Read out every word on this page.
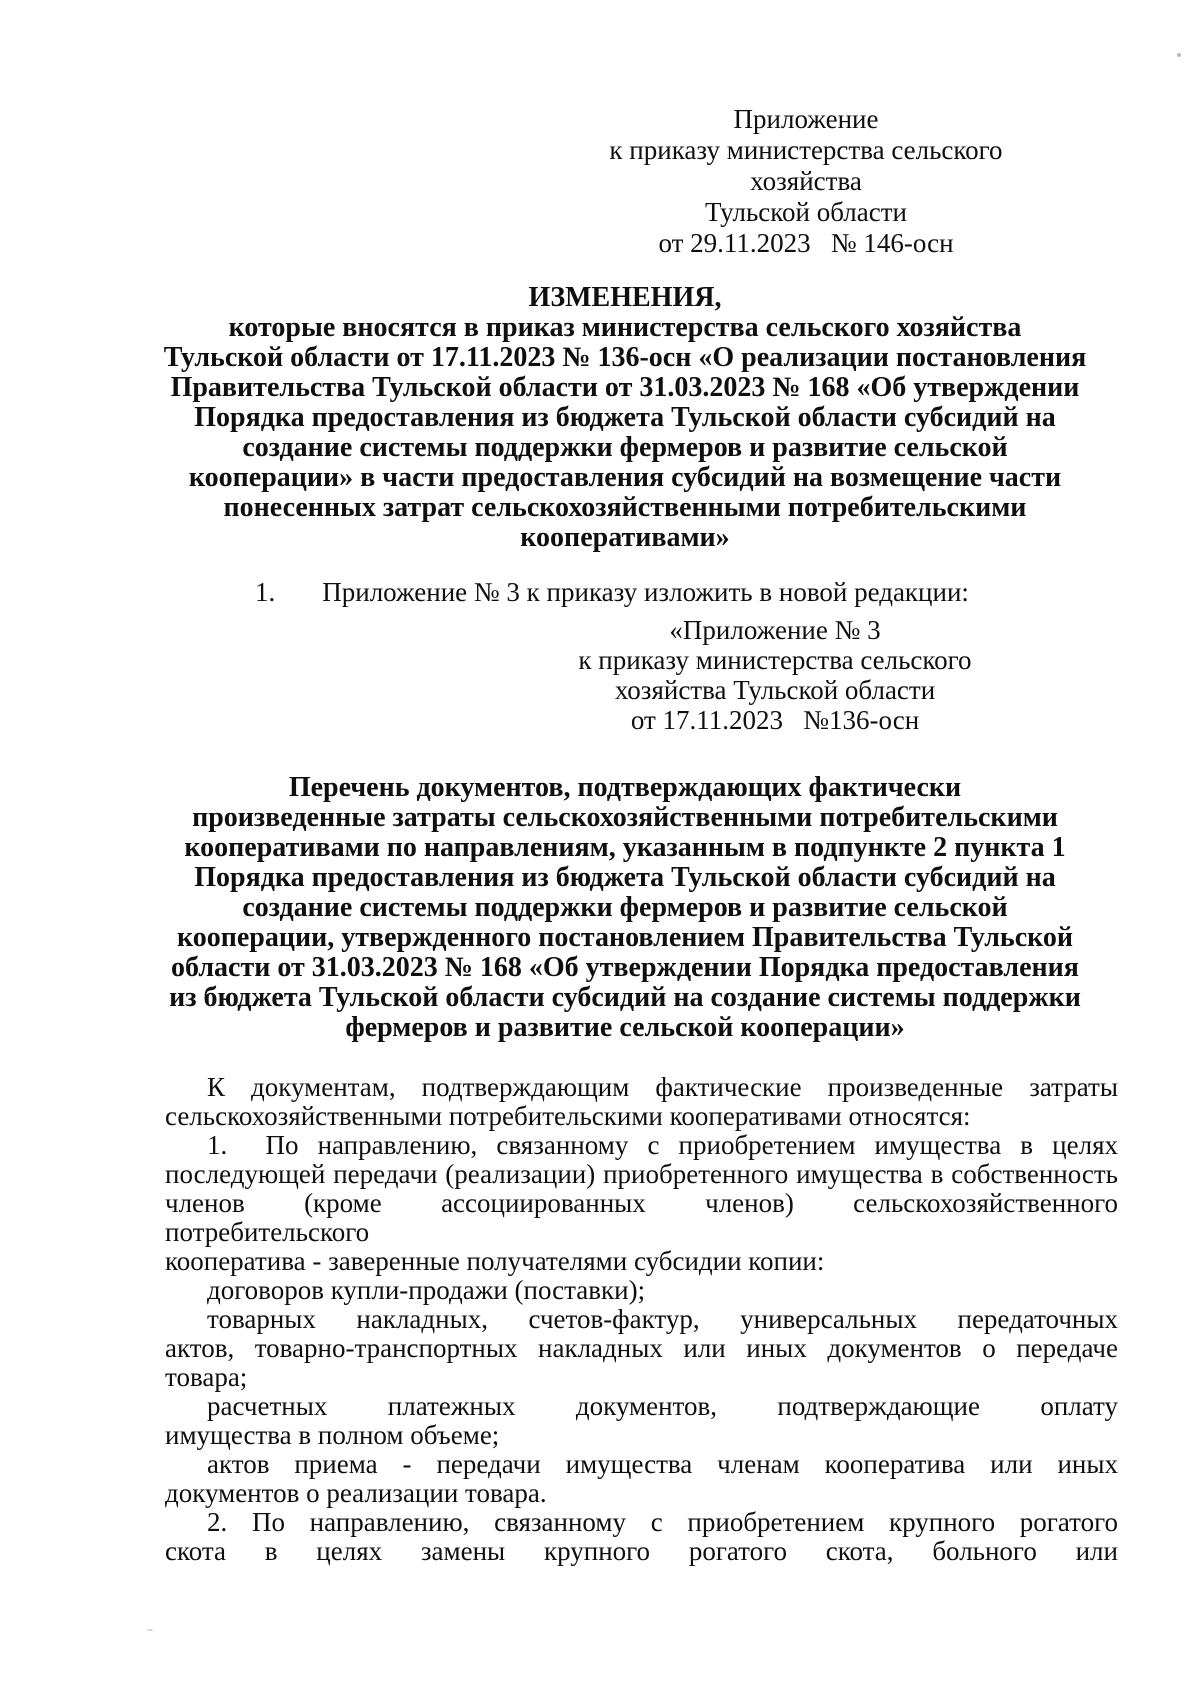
Приложение
к приказу министерства сельского хозяйства
Тульской области
от 29.11.2023   № 146-осн
ИЗМЕНЕНИЯ,
которые вносятся в приказ министерства сельского хозяйства
Тульской области от 17.11.2023 № 136-осн «О реализации постановления
Правительства Тульской области от 31.03.2023 № 168 «Об утверждении
Порядка предоставления из бюджета Тульской области субсидий на
создание системы поддержки фермеров и развитие сельской
кооперации» в части предоставления субсидий на возмещение части
понесенных затрат сельскохозяйственными потребительскими
кооперативами»
1. Приложение № 3 к приказу изложить в новой редакции:
«Приложение № 3
к приказу министерства сельского
хозяйства Тульской области
от 17.11.2023   №136-осн
Перечень документов, подтверждающих фактически
произведенные затраты сельскохозяйственными потребительскими
кооперативами по направлениям, указанным в подпункте 2 пункта 1
Порядка предоставления из бюджета Тульской области субсидий на
создание системы поддержки фермеров и развитие сельской
кооперации, утвержденного постановлением Правительства Тульской
области от 31.03.2023 № 168 «Об утверждении Порядка предоставления
из бюджета Тульской области субсидий на создание системы поддержки
фермеров и развитие сельской кооперации»
К документам, подтверждающим фактические произведенные затраты
сельскохозяйственными потребительскими кооперативами относятся:
1.  По направлению, связанному с приобретением имущества в целях
последующей передачи (реализации) приобретенного имущества в собственность
членов (кроме ассоциированных членов) сельскохозяйственного потребительского
кооператива - заверенные получателями субсидии копии:
договоров купли-продажи (поставки);
товарных накладных, счетов-фактур, универсальных передаточных
актов, товарно-транспортных накладных или иных документов о передаче
товара;
расчетных платежных документов, подтверждающие оплату
имущества в полном объеме;
актов приема - передачи имущества членам кооператива или иных
документов о реализации товара.
2. По направлению, связанному с приобретением крупного рогатого
скота в целях замены крупного рогатого скота, больного или
